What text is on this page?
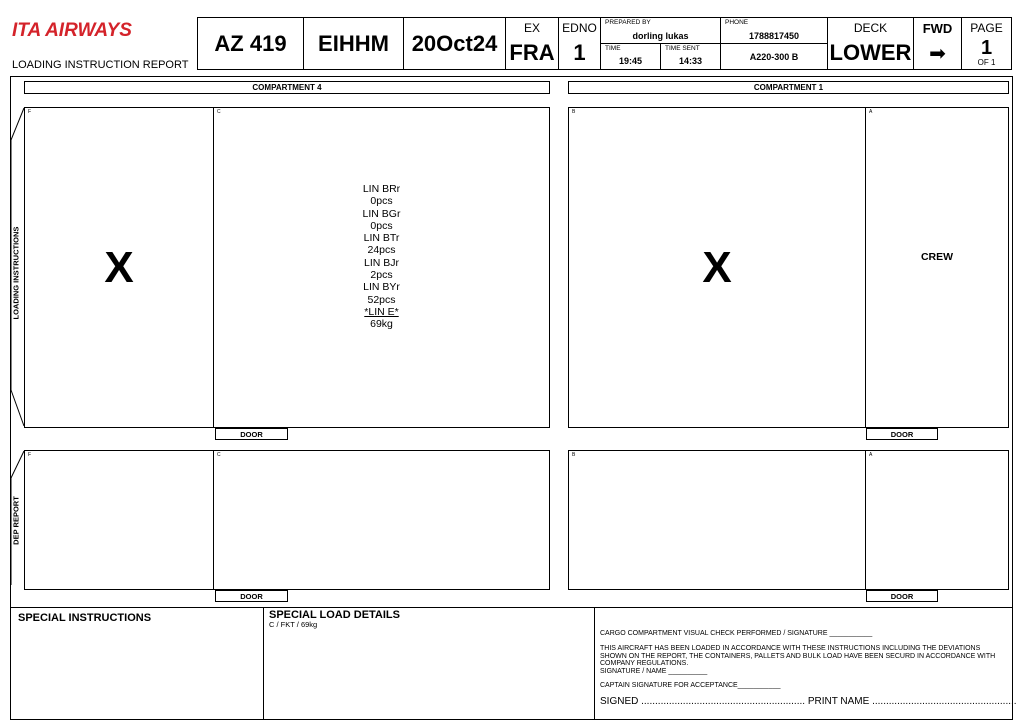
ITA AIRWAYS
LOADING INSTRUCTION REPORT
AZ 419 EIHHM 20Oct24
EX
FRA
EDNO
1
PREPARED BY
dorling lukas
PHONE
1788817450
TIME
19:45
TIME SENT
14:33	A220-300 B
DECK
LOWER
FWD
➡
PAGE
1
OF 1
COMPARTMENT 4	COMPARTMENT 1
LOADING INSTRUCTIONS
DEP REPORT
F
X
C
LIN BRr
0pcs
LIN BGr
0pcs
LIN BTr
24pcs
LIN BJr
2pcs
LIN BYr
52pcs
*LIN E*
69kg
DOOR
B
X
A
CREW
DOOR
F	C
DOOR
B	A
DOOR
SPECIAL INSTRUCTIONS	SPECIAL LOAD DETAILS
C / FKT / 69kg
CARGO COMPARTMENT VISUAL CHECK PERFORMED / SIGNATURE ___________
THIS AIRCRAFT HAS BEEN LOADED IN ACCORDANCE WITH THESE INSTRUCTIONS INCLUDING THE DEVIATIONS SHOWN ON THE REPORT, THE CONTAINERS, PALLETS AND BULK LOAD HAVE BEEN SECURD IN ACCORDANCE WITH COMPANY REGULATIONS.
SIGNATURE / NAME __________
CAPTAIN SIGNATURE FOR ACCEPTANCE___________
SIGNED ........................................................... PRINT NAME ....................................................
